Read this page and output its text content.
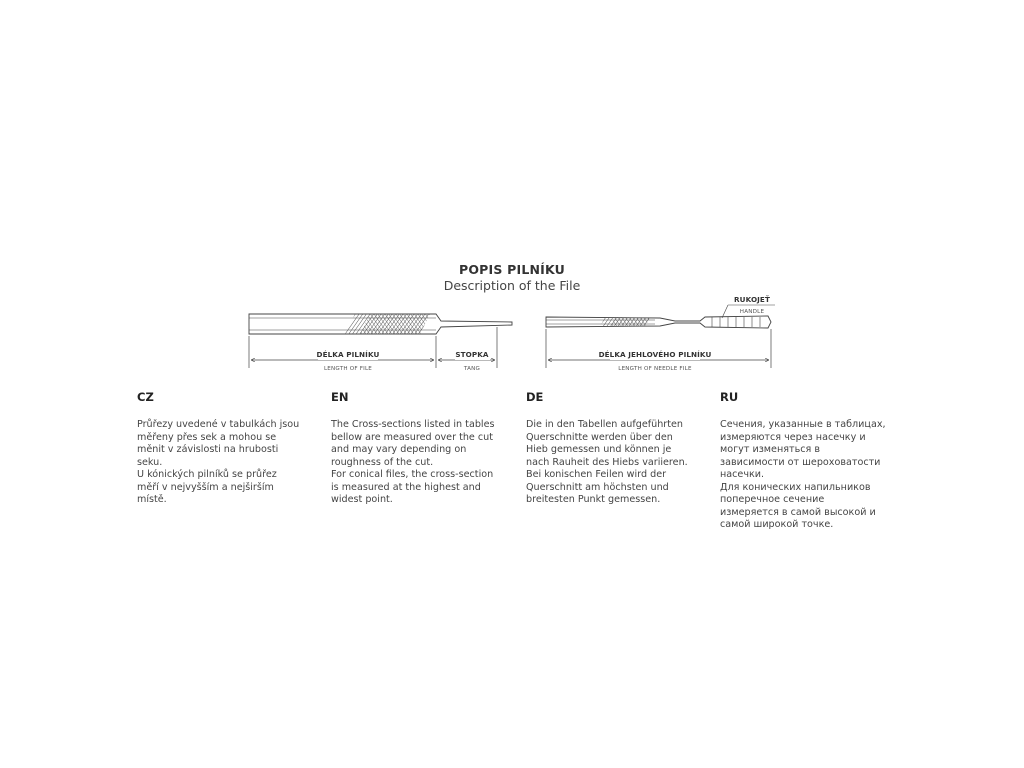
POPIS PILNÍKU
Description of the File
DÉLKA PILNÍKU
LENGTH OF FILE
STOPKA
TANG
RUKOJEŤ
HANDLE
DÉLKA JEHLOVÉHO PILNÍKU
LENGTH OF NEEDLE FILE
CZ
Průřezy uvedené v tabulkách jsou
měřeny přes sek a mohou se
měnit v závislosti na hrubosti
seku.
U kónických pilníků se průřez
měří v nejvyšším a nejširším
místě.
EN
The Cross-sections listed in tables
bellow are measured over the cut
and may vary depending on
roughness of the cut.
For conical files, the cross-section
is measured at the highest and
widest point.
DE
Die in den Tabellen aufgeführten
Querschnitte werden über den
Hieb gemessen und können je
nach Rauheit des Hiebs variieren.
Bei konischen Feilen wird der
Querschnitt am höchsten und
breitesten Punkt gemessen.
RU
Сечения, указанные в таблицах,
измеряются через насечку и
могут изменяться в
зависимости от шероховатости
насечки.
Для конических напильников
поперечное сечение
измеряется в самой высокой и
самой широкой точке.
